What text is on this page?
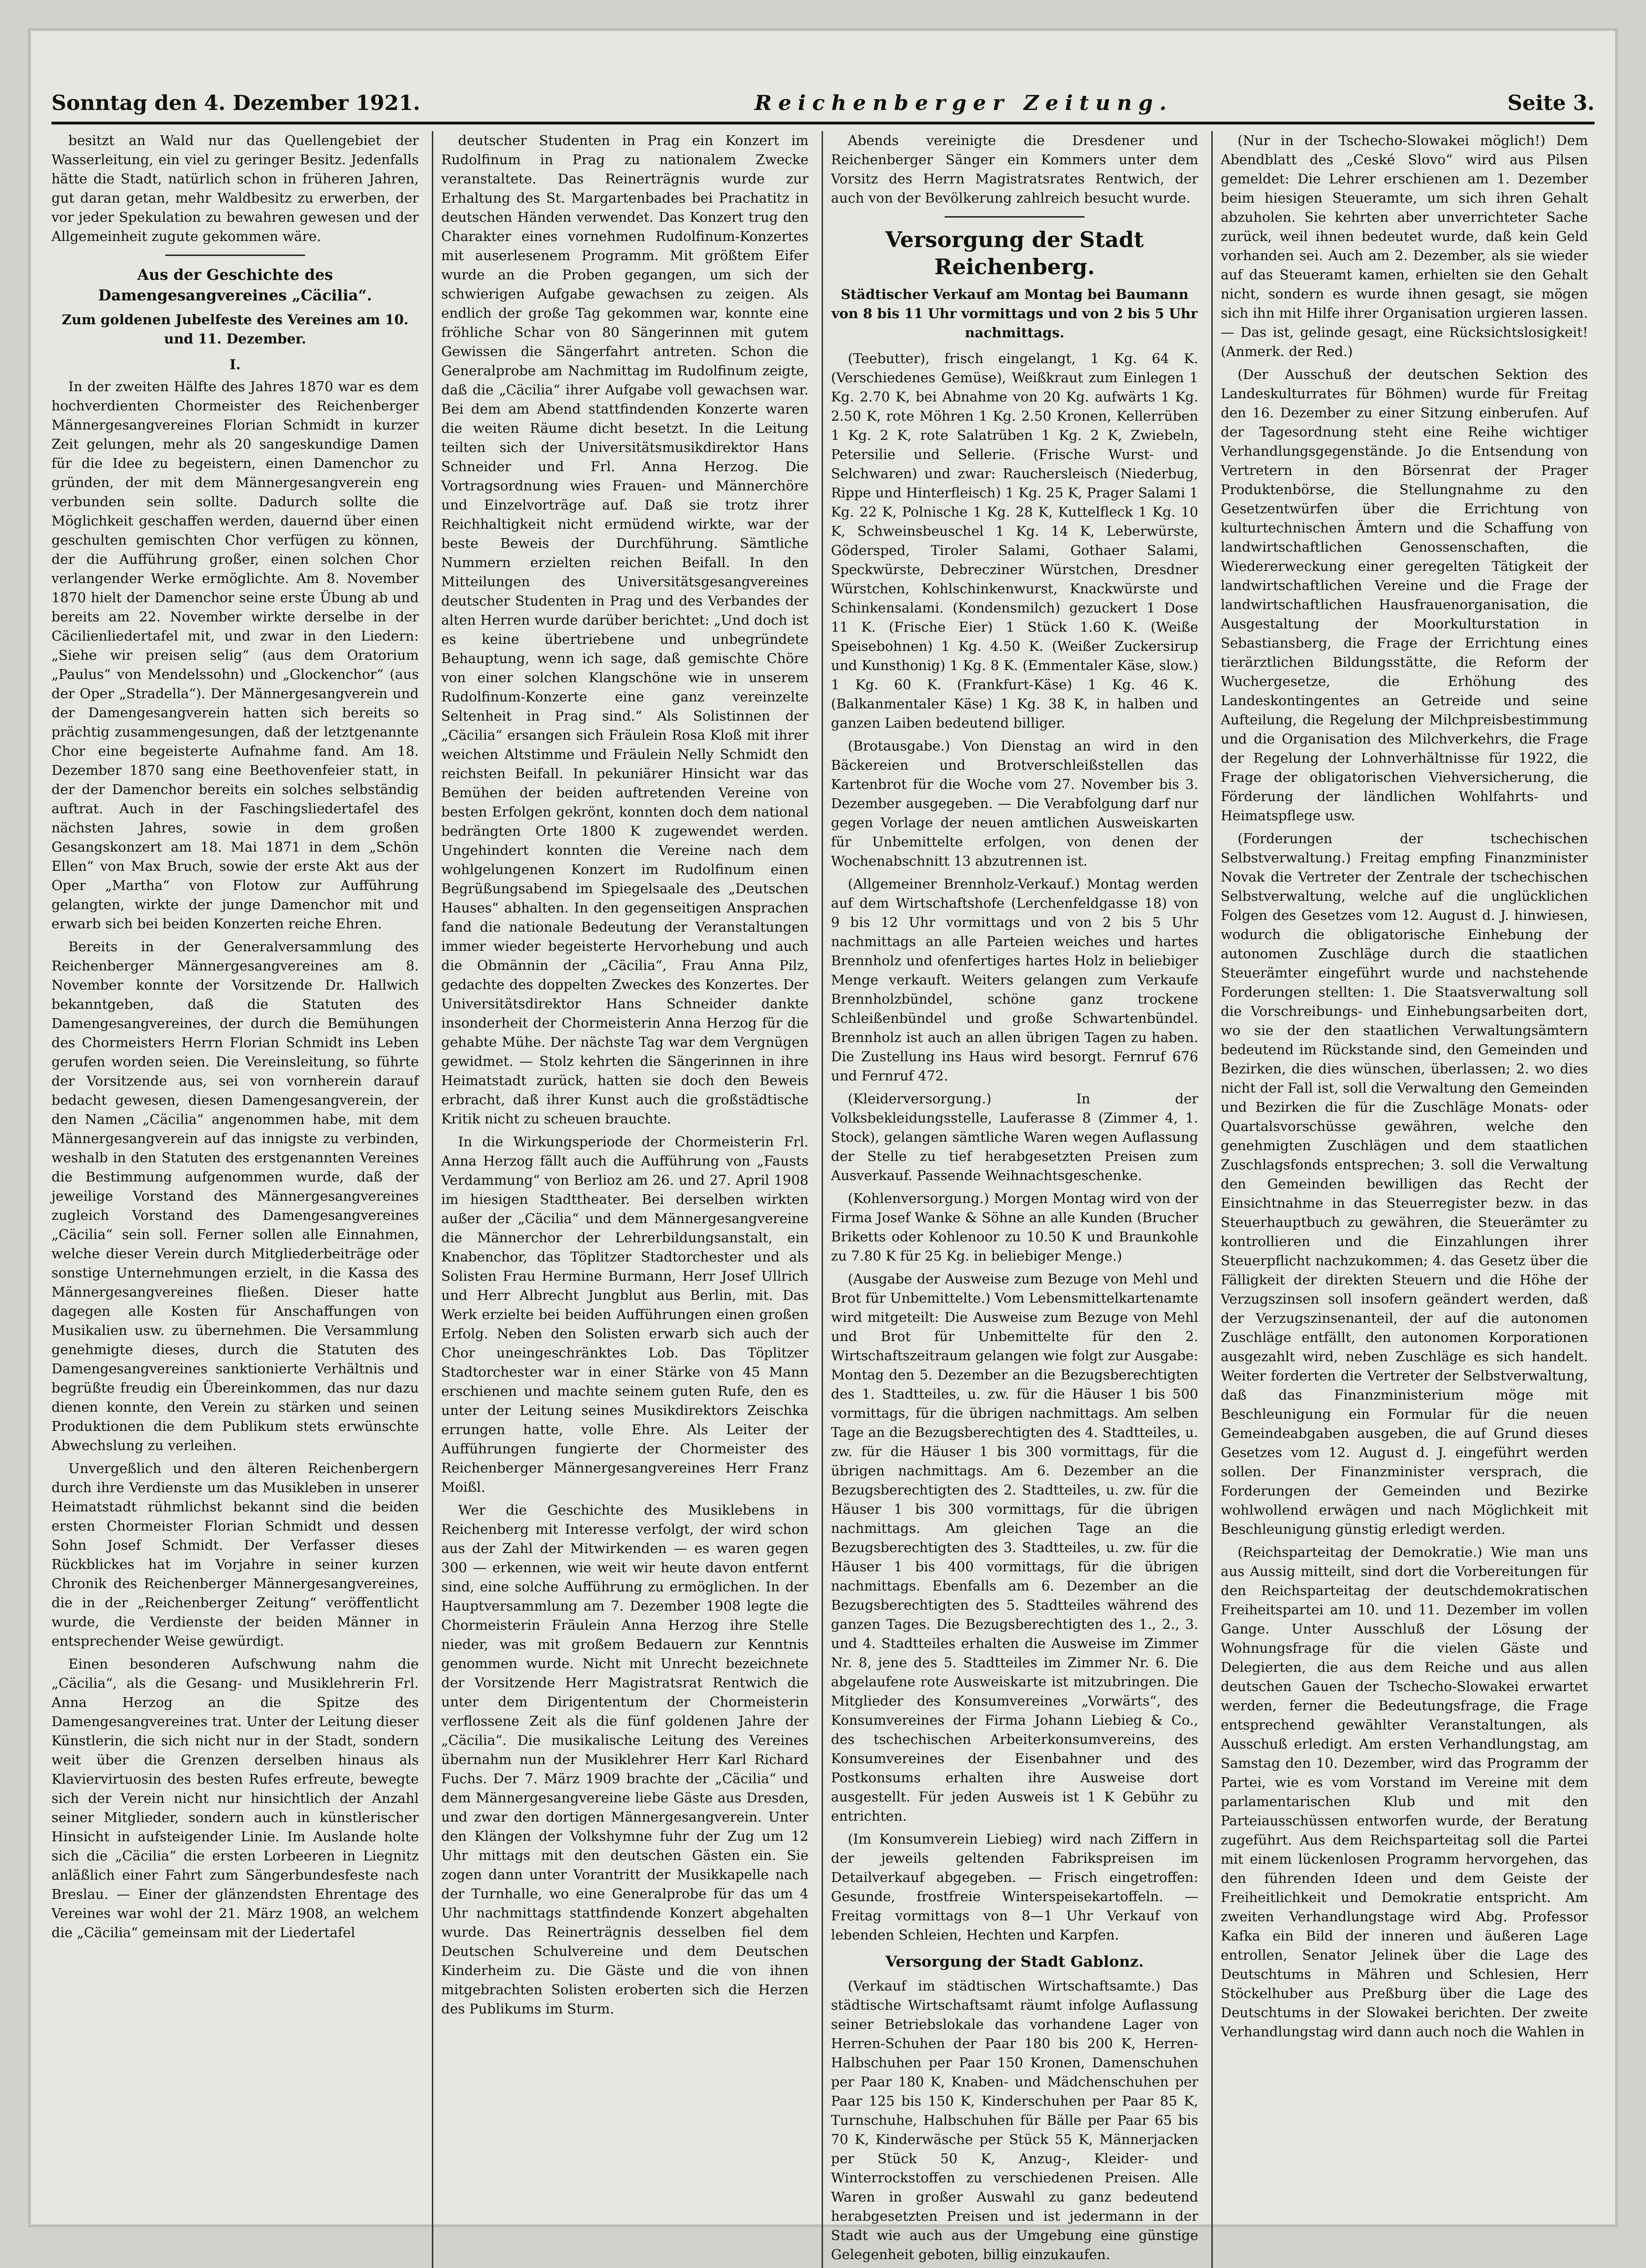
Sonntag den 4. Dezember 1921.	Reichenberger Zeitung.	Seite 3.

besitzt an Wald nur das Quellengebiet der Wasserleitung, ein viel zu geringer Besitz. Jedenfalls hätte die Stadt, natürlich schon in früheren Jahren, gut daran getan, mehr Waldbesitz zu erwerben, der vor jeder Spekulation zu bewahren gewesen und der Allgemeinheit zugute gekommen wäre.

Aus der Geschichte des Damengesangvereines „Cäcilia“.
Zum goldenen Jubelfeste des Vereines am 10. und 11. Dezember.
I.

In der zweiten Hälfte des Jahres 1870 war es dem hochverdienten Chormeister des Reichenberger Männergesangvereines Florian Schmidt in kurzer Zeit gelungen, mehr als 20 sangeskundige Damen für die Idee zu begeistern, einen Damenchor zu gründen, der mit dem Männergesangverein eng verbunden sein sollte. Dadurch sollte die Möglichkeit geschaffen werden, dauernd über einen geschulten gemischten Chor verfügen zu können, der die Aufführung großer, einen solchen Chor verlangender Werke ermöglichte. Am 8. November 1870 hielt der Damenchor seine erste Übung ab und bereits am 22. November wirkte derselbe in der Cäcilienliedertafel mit, und zwar in den Liedern: „Siehe wir preisen selig“ (aus dem Oratorium „Paulus“ von Mendelssohn) und „Glockenchor“ (aus der Oper „Stradella“). Der Männergesangverein und der Damengesangverein hatten sich bereits so prächtig zusammengesungen, daß der letztgenannte Chor eine begeisterte Aufnahme fand. Am 18. Dezember 1870 sang eine Beethovenfeier statt, in der der Damenchor bereits ein solches selbständig auftrat. Auch in der Faschingsliedertafel des nächsten Jahres, sowie in dem großen Gesangskonzert am 18. Mai 1871 in dem „Schön Ellen“ von Max Bruch, sowie der erste Akt aus der Oper „Martha“ von Flotow zur Aufführung gelangten, wirkte der junge Damenchor mit und erwarb sich bei beiden Konzerten reiche Ehren.

Bereits in der Generalversammlung des Reichenberger Männergesangvereines am 8. November konnte der Vorsitzende Dr. Hallwich bekanntgeben, daß die Statuten des Damengesangvereines, der durch die Bemühungen des Chormeisters Herrn Florian Schmidt ins Leben gerufen worden seien. Die Vereinsleitung, so führte der Vorsitzende aus, sei von vornherein darauf bedacht gewesen, diesen Damengesangverein, der den Namen „Cäcilia“ angenommen habe, mit dem Männergesangverein auf das innigste zu verbinden, weshalb in den Statuten des erstgenannten Vereines die Bestimmung aufgenommen wurde, daß der jeweilige Vorstand des Männergesangvereines zugleich Vorstand des Damengesangvereines „Cäcilia“ sein soll. Ferner sollen alle Einnahmen, welche dieser Verein durch Mitgliederbeiträge oder sonstige Unternehmungen erzielt, in die Kassa des Männergesangvereines fließen. Dieser hatte dagegen alle Kosten für Anschaffungen von Musikalien usw. zu übernehmen. Die Versammlung genehmigte dieses, durch die Statuten des Damengesangvereines sanktionierte Verhältnis und begrüßte freudig ein Übereinkommen, das nur dazu dienen konnte, den Verein zu stärken und seinen Produktionen die dem Publikum stets erwünschte Abwechslung zu verleihen.

Unvergeßlich und den älteren Reichenbergern durch ihre Verdienste um das Musikleben in unserer Heimatstadt rühmlichst bekannt sind die beiden ersten Chormeister Florian Schmidt und dessen Sohn Josef Schmidt. Der Verfasser dieses Rückblickes hat im Vorjahre in seiner kurzen Chronik des Reichenberger Männergesangvereines, die in der „Reichenberger Zeitung“ veröffentlicht wurde, die Verdienste der beiden Männer in entsprechender Weise gewürdigt.

Einen besonderen Aufschwung nahm die „Cäcilia“, als die Gesang- und Musiklehrerin Frl. Anna Herzog an die Spitze des Damengesangvereines trat. Unter der Leitung dieser Künstlerin, die sich nicht nur in der Stadt, sondern weit über die Grenzen derselben hinaus als Klaviervirtuosin des besten Rufes erfreute, bewegte sich der Verein nicht nur hinsichtlich der Anzahl seiner Mitglieder, sondern auch in künstlerischer Hinsicht in aufsteigender Linie. Im Auslande holte sich die „Cäcilia“ die ersten Lorbeeren in Liegnitz anläßlich einer Fahrt zum Sängerbundesfeste nach Breslau. — Einer der glänzendsten Ehrentage des Vereines war wohl der 21. März 1908, an welchem die „Cäcilia“ gemeinsam mit der Liedertafel

deutscher Studenten in Prag ein Konzert im Rudolfinum in Prag zu nationalem Zwecke veranstaltete. Das Reinerträgnis wurde zur Erhaltung des St. Margartenbades bei Prachatitz in deutschen Händen verwendet. Das Konzert trug den Charakter eines vornehmen Rudolfinum-Konzertes mit auserlesenem Programm. Mit größtem Eifer wurde an die Proben gegangen, um sich der schwierigen Aufgabe gewachsen zu zeigen. Als endlich der große Tag gekommen war, konnte eine fröhliche Schar von 80 Sängerinnen mit gutem Gewissen die Sängerfahrt antreten. Schon die Generalprobe am Nachmittag im Rudolfinum zeigte, daß die „Cäcilia“ ihrer Aufgabe voll gewachsen war. Bei dem am Abend stattfindenden Konzerte waren die weiten Räume dicht besetzt. In die Leitung teilten sich der Universitätsmusikdirektor Hans Schneider und Frl. Anna Herzog. Die Vortragsordnung wies Frauen- und Männerchöre und Einzelvorträge auf. Daß sie trotz ihrer Reichhaltigkeit nicht ermüdend wirkte, war der beste Beweis der Durchführung. Sämtliche Nummern erzielten reichen Beifall. In den Mitteilungen des Universitätsgesangvereines deutscher Studenten in Prag und des Verbandes der alten Herren wurde darüber berichtet: „Und doch ist es keine übertriebene und unbegründete Behauptung, wenn ich sage, daß gemischte Chöre von einer solchen Klangschöne wie in unserem Rudolfinum-Konzerte eine ganz vereinzelte Seltenheit in Prag sind.“ Als Solistinnen der „Cäcilia“ ersangen sich Fräulein Rosa Kloß mit ihrer weichen Altstimme und Fräulein Nelly Schmidt den reichsten Beifall. In pekuniärer Hinsicht war das Bemühen der beiden auftretenden Vereine von besten Erfolgen gekrönt, konnten doch dem national bedrängten Orte 1800 K zugewendet werden. Ungehindert konnten die Vereine nach dem wohlgelungenen Konzert im Rudolfinum einen Begrüßungsabend im Spiegelsaale des „Deutschen Hauses“ abhalten. In den gegenseitigen Ansprachen fand die nationale Bedeutung der Veranstaltungen immer wieder begeisterte Hervorhebung und auch die Obmännin der „Cäcilia“, Frau Anna Pilz, gedachte des doppelten Zweckes des Konzertes. Der Universitätsdirektor Hans Schneider dankte insonderheit der Chormeisterin Anna Herzog für die gehabte Mühe. Der nächste Tag war dem Vergnügen gewidmet. — Stolz kehrten die Sängerinnen in ihre Heimatstadt zurück, hatten sie doch den Beweis erbracht, daß ihrer Kunst auch die großstädtische Kritik nicht zu scheuen brauchte.

In die Wirkungsperiode der Chormeisterin Frl. Anna Herzog fällt auch die Aufführung von „Fausts Verdammung“ von Berlioz am 26. und 27. April 1908 im hiesigen Stadttheater. Bei derselben wirkten außer der „Cäcilia“ und dem Männergesangvereine die Männerchor der Lehrerbildungsanstalt, ein Knabenchor, das Töplitzer Stadtorchester und als Solisten Frau Hermine Burmann, Herr Josef Ullrich und Herr Albrecht Jungblut aus Berlin, mit. Das Werk erzielte bei beiden Aufführungen einen großen Erfolg. Neben den Solisten erwarb sich auch der Chor uneingeschränktes Lob. Das Töplitzer Stadtorchester war in einer Stärke von 45 Mann erschienen und machte seinem guten Rufe, den es unter der Leitung seines Musikdirektors Zeischka errungen hatte, volle Ehre. Als Leiter der Aufführungen fungierte der Chormeister des Reichenberger Männergesangvereines Herr Franz Moißl.

Wer die Geschichte des Musiklebens in Reichenberg mit Interesse verfolgt, der wird schon aus der Zahl der Mitwirkenden — es waren gegen 300 — erkennen, wie weit wir heute davon entfernt sind, eine solche Aufführung zu ermöglichen. In der Hauptversammlung am 7. Dezember 1908 legte die Chormeisterin Fräulein Anna Herzog ihre Stelle nieder, was mit großem Bedauern zur Kenntnis genommen wurde. Nicht mit Unrecht bezeichnete der Vorsitzende Herr Magistratsrat Rentwich die unter dem Dirigententum der Chormeisterin verflossene Zeit als die fünf goldenen Jahre der „Cäcilia“. Die musikalische Leitung des Vereines übernahm nun der Musiklehrer Herr Karl Richard Fuchs. Der 7. März 1909 brachte der „Cäcilia“ und dem Männergesangvereine liebe Gäste aus Dresden, und zwar den dortigen Männergesangverein. Unter den Klängen der Volkshymne fuhr der Zug um 12 Uhr mittags mit den deutschen Gästen ein. Sie zogen dann unter Vorantritt der Musikkapelle nach der Turnhalle, wo eine Generalprobe für das um 4 Uhr nachmittags stattfindende Konzert abgehalten wurde. Das Reinerträgnis desselben fiel dem Deutschen Schulvereine und dem Deutschen Kinderheim zu. Die Gäste und die von ihnen mitgebrachten Solisten eroberten sich die Herzen des Publikums im Sturm.

Abends vereinigte die Dresdener und Reichenberger Sänger ein Kommers unter dem Vorsitz des Herrn Magistratsrates Rentwich, der auch von der Bevölkerung zahlreich besucht wurde.

Versorgung der Stadt Reichenberg.
Städtischer Verkauf am Montag bei Baumann von 8 bis 11 Uhr vormittags und von 2 bis 5 Uhr nachmittags.

(Teebutter), frisch eingelangt, 1 Kg. 64 K. (Verschiedenes Gemüse), Weißkraut zum Einlegen 1 Kg. 2.70 K, bei Abnahme von 20 Kg. aufwärts 1 Kg. 2.50 K, rote Möhren 1 Kg. 2.50 Kronen, Kellerrüben 1 Kg. 2 K, rote Salatrüben 1 Kg. 2 K, Zwiebeln, Petersilie und Sellerie. (Frische Wurst- und Selchwaren) und zwar: Rauchersleisch (Niederbug, Rippe und Hinterfleisch) 1 Kg. 25 K, Prager Salami 1 Kg. 22 K, Polnische 1 Kg. 28 K, Kuttelfleck 1 Kg. 10 K, Schweinsbeuschel 1 Kg. 14 K, Leberwürste, Gödersped, Tiroler Salami, Gothaer Salami, Speckwürste, Debrecziner Würstchen, Dresdner Würstchen, Kohlschinkenwurst, Knackwürste und Schinkensalami. (Kondensmilch) gezuckert 1 Dose 11 K. (Frische Eier) 1 Stück 1.60 K. (Weiße Speisebohnen) 1 Kg. 4.50 K. (Weißer Zuckersirup und Kunsthonig) 1 Kg. 8 K. (Emmentaler Käse, slow.) 1 Kg. 60 K. (Frankfurt-Käse) 1 Kg. 46 K. (Balkanmentaler Käse) 1 Kg. 38 K, in halben und ganzen Laiben bedeutend billiger.

(Brotausgabe.) Von Dienstag an wird in den Bäckereien und Brotverschleißstellen das Kartenbrot für die Woche vom 27. November bis 3. Dezember ausgegeben. — Die Verabfolgung darf nur gegen Vorlage der neuen amtlichen Ausweiskarten für Unbemittelte erfolgen, von denen der Wochenabschnitt 13 abzutrennen ist.

(Allgemeiner Brennholz-Verkauf.) Montag werden auf dem Wirtschaftshofe (Lerchenfeldgasse 18) von 9 bis 12 Uhr vormittags und von 2 bis 5 Uhr nachmittags an alle Parteien weiches und hartes Brennholz und ofenfertiges hartes Holz in beliebiger Menge verkauft. Weiters gelangen zum Verkaufe Brennholzbündel, schöne ganz trockene Schleißenbündel und große Schwartenbündel. Brennholz ist auch an allen übrigen Tagen zu haben. Die Zustellung ins Haus wird besorgt. Fernruf 676 und Fernruf 472.

(Kleiderversorgung.) In der Volksbekleidungsstelle, Lauferasse 8 (Zimmer 4, 1. Stock), gelangen sämtliche Waren wegen Auflassung der Stelle zu tief herabgesetzten Preisen zum Ausverkauf. Passende Weihnachtsgeschenke.

(Kohlenversorgung.) Morgen Montag wird von der Firma Josef Wanke & Söhne an alle Kunden (Brucher Briketts oder Kohlenoor zu 10.50 K und Braunkohle zu 7.80 K für 25 Kg. in beliebiger Menge.)

(Ausgabe der Ausweise zum Bezuge von Mehl und Brot für Unbemittelte.) Vom Lebensmittelkartenamte wird mitgeteilt: Die Ausweise zum Bezuge von Mehl und Brot für Unbemittelte für den 2. Wirtschaftszeitraum gelangen wie folgt zur Ausgabe: Montag den 5. Dezember an die Bezugsberechtigten des 1. Stadtteiles, u. zw. für die Häuser 1 bis 500 vormittags, für die übrigen nachmittags. Am selben Tage an die Bezugsberechtigten des 4. Stadtteiles, u. zw. für die Häuser 1 bis 300 vormittags, für die übrigen nachmittags. Am 6. Dezember an die Bezugsberechtigten des 2. Stadtteiles, u. zw. für die Häuser 1 bis 300 vormittags, für die übrigen nachmittags. Am gleichen Tage an die Bezugsberechtigten des 3. Stadtteiles, u. zw. für die Häuser 1 bis 400 vormittags, für die übrigen nachmittags. Ebenfalls am 6. Dezember an die Bezugsberechtigten des 5. Stadtteiles während des ganzen Tages. Die Bezugsberechtigten des 1., 2., 3. und 4. Stadtteiles erhalten die Ausweise im Zimmer Nr. 8, jene des 5. Stadtteiles im Zimmer Nr. 6. Die abgelaufene rote Ausweiskarte ist mitzubringen. Die Mitglieder des Konsumvereines „Vorwärts“, des Konsumvereines der Firma Johann Liebieg & Co., des tschechischen Arbeiterkonsumvereins, des Konsumvereines der Eisenbahner und des Postkonsums erhalten ihre Ausweise dort ausgestellt. Für jeden Ausweis ist 1 K Gebühr zu entrichten.

(Im Konsumverein Liebieg) wird nach Ziffern in der jeweils geltenden Fabrikspreisen im Detailverkauf abgegeben. — Frisch eingetroffen: Gesunde, frostfreie Winterspeisekartoffeln. — Freitag vormittags von 8—1 Uhr Verkauf von lebenden Schleien, Hechten und Karpfen.

Versorgung der Stadt Gablonz.

(Verkauf im städtischen Wirtschaftsamte.) Das städtische Wirtschaftsamt räumt infolge Auflassung seiner Betriebslokale das vorhandene Lager von Herren-Schuhen der Paar 180 bis 200 K, Herren-Halbschuhen per Paar 150 Kronen, Damenschuhen per Paar 180 K, Knaben- und Mädchenschuhen per Paar 125 bis 150 K, Kinderschuhen per Paar 85 K, Turnschuhe, Halbschuhen für Bälle per Paar 65 bis 70 K, Kinderwäsche per Stück 55 K, Männerjacken per Stück 50 K, Anzug-, Kleider- und Winterrockstoffen zu verschiedenen Preisen. Alle Waren in großer Auswahl zu ganz bedeutend herabgesetzten Preisen und ist jedermann in der Stadt wie auch aus der Umgebung eine günstige Gelegenheit geboten, billig einzukaufen.

(Nur in der Tschecho-Slowakei möglich!) Dem Abendblatt des „Ceské Slovo“ wird aus Pilsen gemeldet: Die Lehrer erschienen am 1. Dezember beim hiesigen Steueramte, um sich ihren Gehalt abzuholen. Sie kehrten aber unverrichteter Sache zurück, weil ihnen bedeutet wurde, daß kein Geld vorhanden sei. Auch am 2. Dezember, als sie wieder auf das Steueramt kamen, erhielten sie den Gehalt nicht, sondern es wurde ihnen gesagt, sie mögen sich ihn mit Hilfe ihrer Organisation urgieren lassen. — Das ist, gelinde gesagt, eine Rücksichtslosigkeit! (Anmerk. der Red.)

(Der Ausschuß der deutschen Sektion des Landeskulturrates für Böhmen) wurde für Freitag den 16. Dezember zu einer Sitzung einberufen. Auf der Tagesordnung steht eine Reihe wichtiger Verhandlungsgegenstände. Jo die Entsendung von Vertretern in den Börsenrat der Prager Produktenbörse, die Stellungnahme zu den Gesetzentwürfen über die Errichtung von kulturtechnischen Ämtern und die Schaffung von landwirtschaftlichen Genossenschaften, die Wiedererweckung einer geregelten Tätigkeit der landwirtschaftlichen Vereine und die Frage der landwirtschaftlichen Hausfrauenorganisation, die Ausgestaltung der Moorkulturstation in Sebastiansberg, die Frage der Errichtung eines tierärztlichen Bildungsstätte, die Reform der Wuchergesetze, die Erhöhung des Landeskontingentes an Getreide und seine Aufteilung, die Regelung der Milchpreisbestimmung und die Organisation des Milchverkehrs, die Frage der Regelung der Lohnverhältnisse für 1922, die Frage der obligatorischen Viehversicherung, die Förderung der ländlichen Wohlfahrts- und Heimatspflege usw.

(Forderungen der tschechischen Selbstverwaltung.) Freitag empfing Finanzminister Novak die Vertreter der Zentrale der tschechischen Selbstverwaltung, welche auf die unglücklichen Folgen des Gesetzes vom 12. August d. J. hinwiesen, wodurch die obligatorische Einhebung der autonomen Zuschläge durch die staatlichen Steuerämter eingeführt wurde und nachstehende Forderungen stellten: 1. Die Staatsverwaltung soll die Vorschreibungs- und Einhebungsarbeiten dort, wo sie der den staatlichen Verwaltungsämtern bedeutend im Rückstande sind, den Gemeinden und Bezirken, die dies wünschen, überlassen; 2. wo dies nicht der Fall ist, soll die Verwaltung den Gemeinden und Bezirken die für die Zuschläge Monats- oder Quartalsvorschüsse gewähren, welche den genehmigten Zuschlägen und dem staatlichen Zuschlagsfonds entsprechen; 3. soll die Verwaltung den Gemeinden bewilligen das Recht der Einsichtnahme in das Steuerregister bezw. in das Steuerhauptbuch zu gewähren, die Steuerämter zu kontrollieren und die Einzahlungen ihrer Steuerpflicht nachzukommen; 4. das Gesetz über die Fälligkeit der direkten Steuern und die Höhe der Verzugszinsen soll insofern geändert werden, daß der Verzugszinsenanteil, der auf die autonomen Zuschläge entfällt, den autonomen Korporationen ausgezahlt wird, neben Zuschläge es sich handelt. Weiter forderten die Vertreter der Selbstverwaltung, daß das Finanzministerium möge mit Beschleunigung ein Formular für die neuen Gemeindeabgaben ausgeben, die auf Grund dieses Gesetzes vom 12. August d. J. eingeführt werden sollen. Der Finanzminister versprach, die Forderungen der Gemeinden und Bezirke wohlwollend erwägen und nach Möglichkeit mit Beschleunigung günstig erledigt werden.

(Reichsparteitag der Demokratie.) Wie man uns aus Aussig mitteilt, sind dort die Vorbereitungen für den Reichsparteitag der deutschdemokratischen Freiheitspartei am 10. und 11. Dezember im vollen Gange. Unter Ausschluß der Lösung der Wohnungsfrage für die vielen Gäste und Delegierten, die aus dem Reiche und aus allen deutschen Gauen der Tschecho-Slowakei erwartet werden, ferner die Bedeutungsfrage, die Frage entsprechend gewählter Veranstaltungen, als Ausschuß erledigt. Am ersten Verhandlungstag, am Samstag den 10. Dezember, wird das Programm der Partei, wie es vom Vorstand im Vereine mit dem parlamentarischen Klub und mit den Parteiausschüssen entworfen wurde, der Beratung zugeführt. Aus dem Reichsparteitag soll die Partei mit einem lückenlosen Programm hervorgehen, das den führenden Ideen und dem Geiste der Freiheitlichkeit und Demokratie entspricht. Am zweiten Verhandlungstage wird Abg. Professor Kafka ein Bild der inneren und äußeren Lage entrollen, Senator Jelinek über die Lage des Deutschtums in Mähren und Schlesien, Herr Stöckelhuber aus Preßburg über die Lage des Deutschtums in der Slowakei berichten. Der zweite Verhandlungstag wird dann auch noch die Wahlen in
